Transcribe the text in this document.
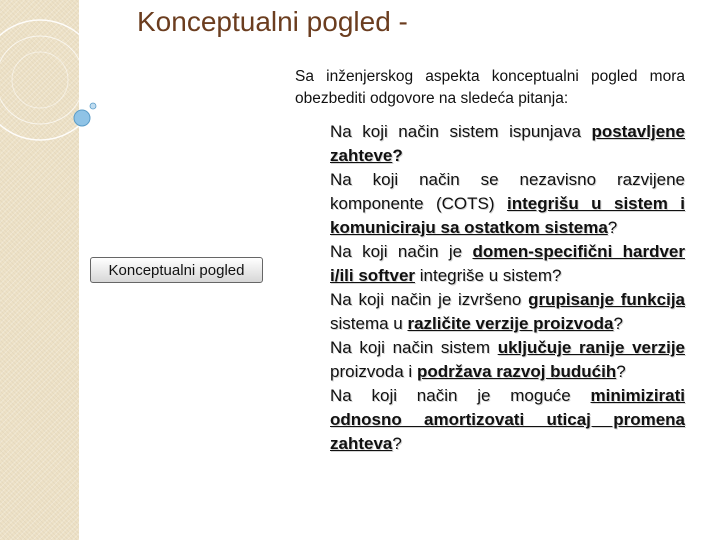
Konceptualni pogled -
Sa inženjerskog aspekta konceptualni pogled mora obezbediti odgovore na sledeća pitanja:
Konceptualni pogled

Na koji način sistem ispunjava postavljene zahteve?

Na koji način se nezavisno razvijene komponente (COTS) integrišu u sistem i komuniciraju sa ostatkom sistema?

Na koji način je domen-specifični hardver i/ili softver integriše u sistem?

Na koji način je izvršeno grupisanje funkcija sistema u različite verzije proizvoda?

Na koji način sistem uključuje ranije verzije proizvoda i podržava razvoj budućih?

Na koji način je moguće minimizirati odnosno amortizovati uticaj promena zahteva?
